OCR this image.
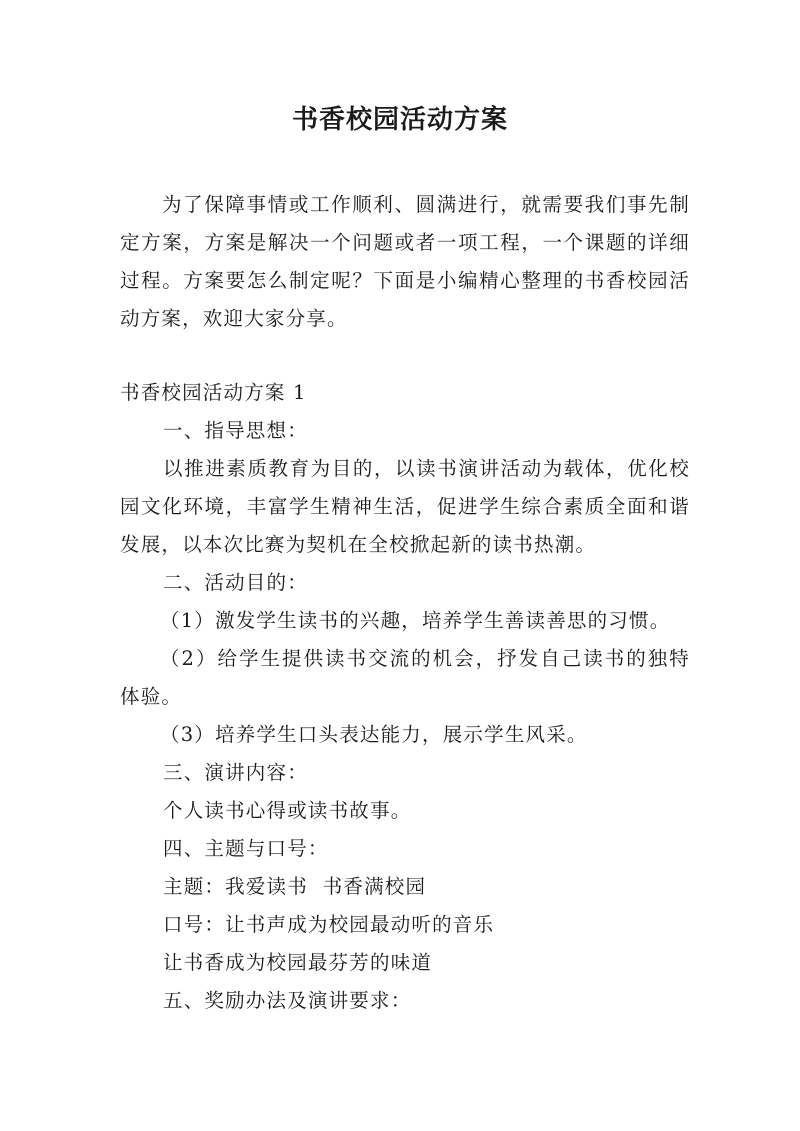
书香校园活动方案
为了保障事情或工作顺利、圆满进行，就需要我们事先制定方案，方案是解决一个问题或者一项工程，一个课题的详细过程。方案要怎么制定呢？下面是小编精心整理的书香校园活动方案，欢迎大家分享。
书香校园活动方案 1
一、指导思想：
以推进素质教育为目的，以读书演讲活动为载体，优化校园文化环境，丰富学生精神生活，促进学生综合素质全面和谐发展，以本次比赛为契机在全校掀起新的读书热潮。
二、活动目的：
（1）激发学生读书的兴趣，培养学生善读善思的习惯。
（2）给学生提供读书交流的机会，抒发自己读书的独特体验。
（3）培养学生口头表达能力，展示学生风采。
三、演讲内容：
个人读书心得或读书故事。
四、主题与口号：
主题：我爱读书  书香满校园
口号：让书声成为校园最动听的音乐
让书香成为校园最芬芳的味道
五、奖励办法及演讲要求：
